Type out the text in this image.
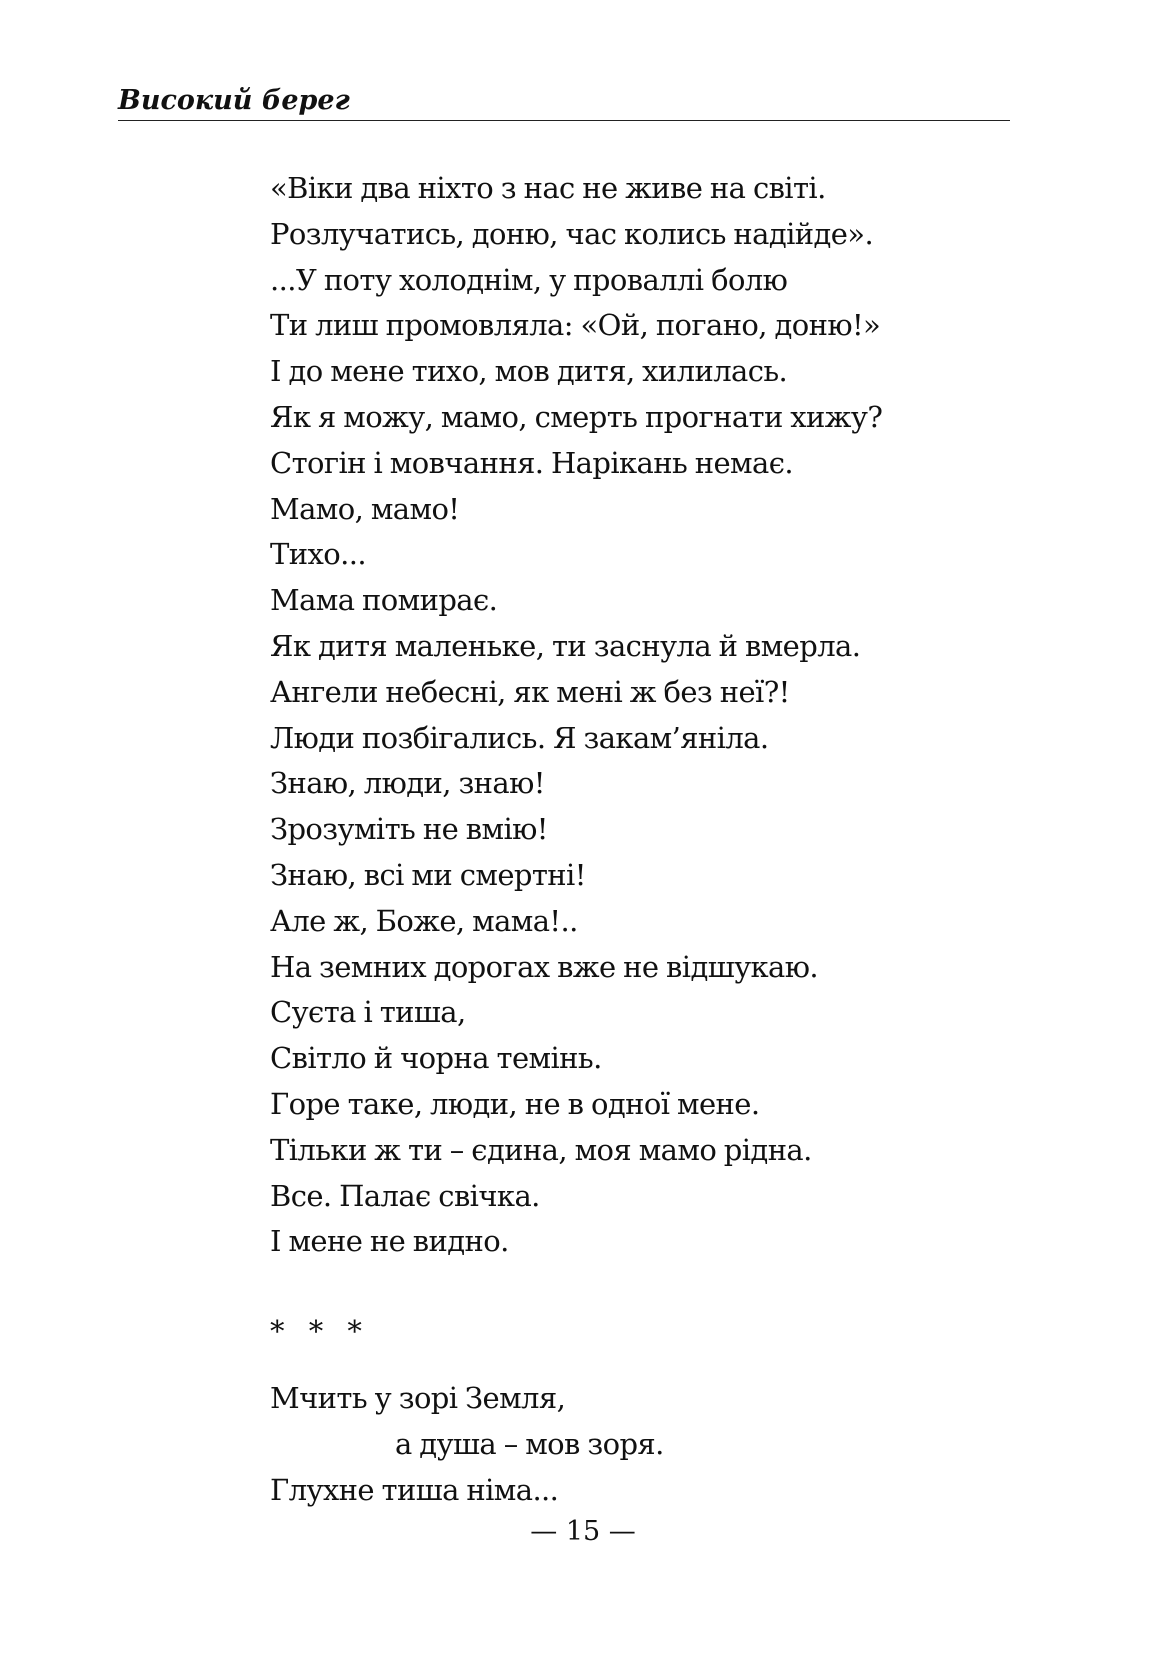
Високий берег
«Віки два ніхто з нас не живе на світі.
Розлучатись, доню, час колись надійде».
...У поту холоднім, у проваллі болю
Ти лиш промовляла: «Ой, погано, доню!»
І до мене тихо, мов дитя, хилилась.
Як я можу, мамо, смерть прогнати хижу?
Стогін і мовчання. Нарікань немає.
Мамо, мамо!
Тихо...
Мама помирає.
Як дитя маленьке, ти заснула й вмерла.
Ангели небесні, як мені ж без неї?!
Люди позбігались. Я закам’яніла.
Знаю, люди, знаю!
Зрозуміть не вмію!
Знаю, всі ми смертні!
Але ж, Боже, мама!..
На земних дорогах вже не відшукаю.
Суєта і тиша,
Світло й чорна темінь.
Горе таке, люди, не в одної мене.
Тільки ж ти – єдина, моя мамо рідна.
Все. Палає свічка.
І мене не видно.
* * *
Мчить у зорі Земля,
а душа – мов зоря.
Глухне тиша німа...
— 15 —
